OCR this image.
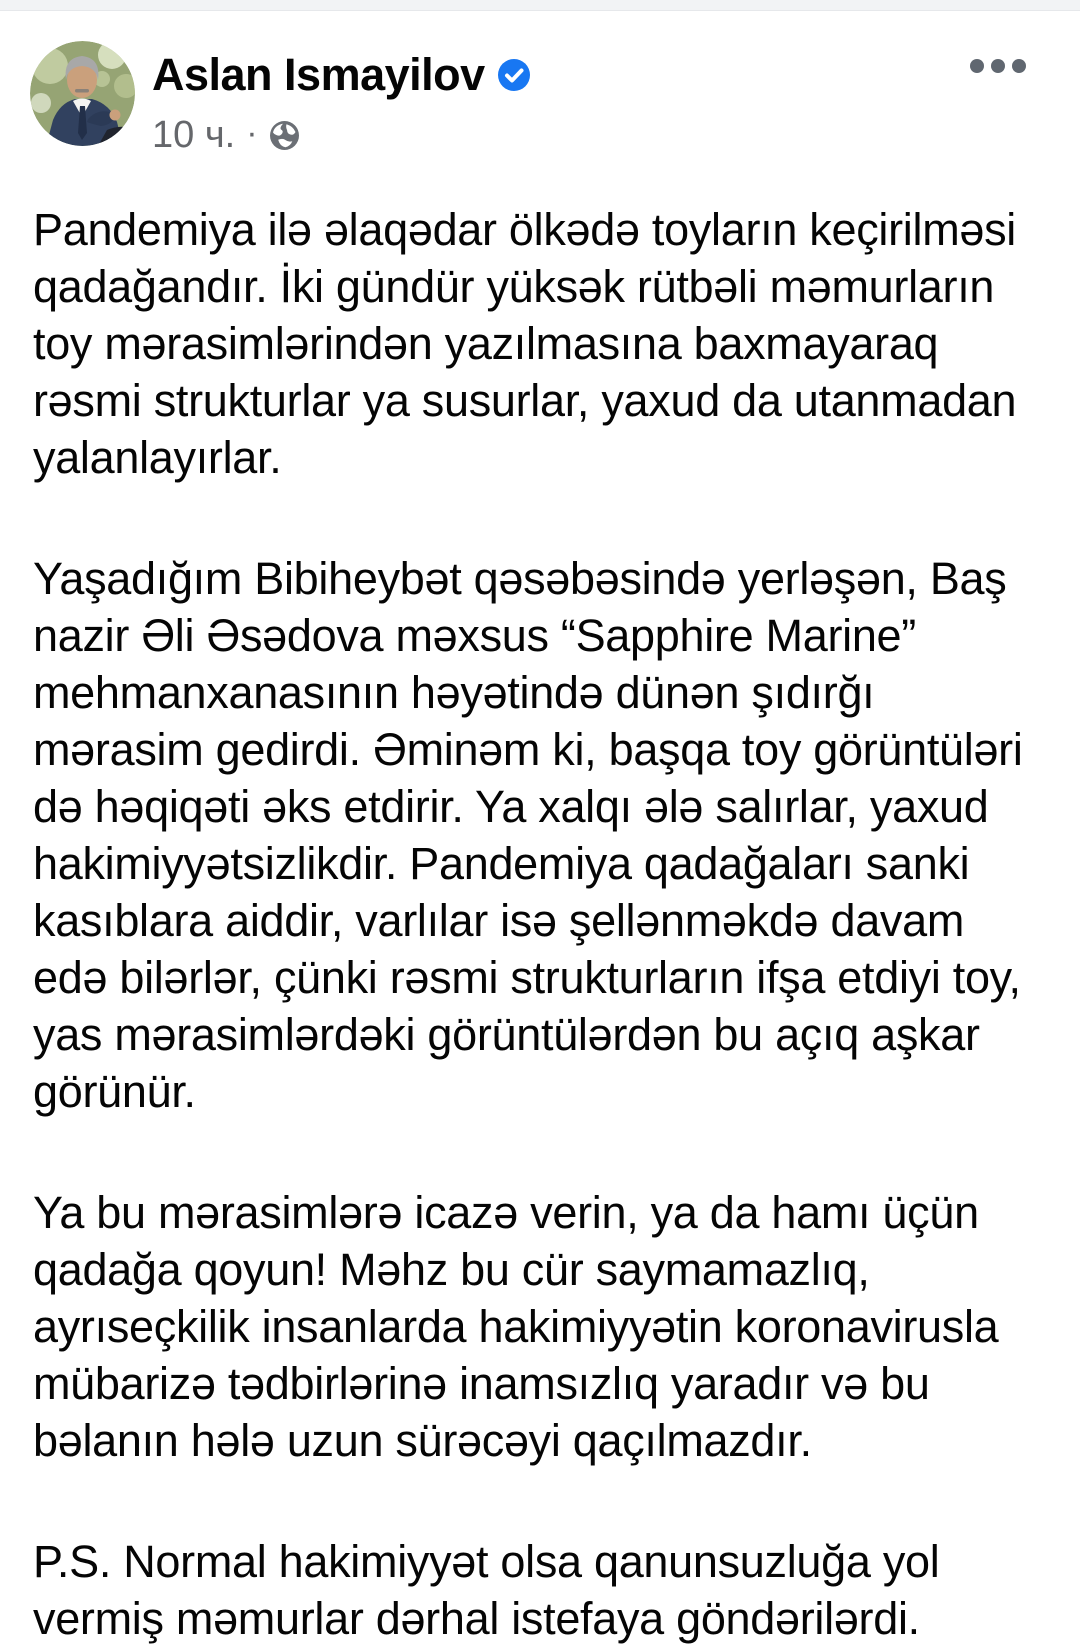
Aslan Ismayilov
10 ч. ·

Pandemiya ilə əlaqədar ölkədə toyların keçirilməsi qadağandır. İki gündür yüksək rütbəli məmurların toy mərasimlərindən yazılmasına baxmayaraq rəsmi strukturlar ya susurlar, yaxud da utanmadan yalanlayırlar.

Yaşadığım Bibiheybət qəsəbəsində yerləşən, Baş nazir Əli Əsədova məxsus “Sapphire Marine” mehmanxanasının həyətində dünən şıdırğı mərasim gedirdi. Əminəm ki, başqa toy görüntüləri də həqiqəti əks etdirir. Ya xalqı ələ salırlar, yaxud hakimiyyətsizlikdir. Pandemiya qadağaları sanki kasıblara aiddir, varlılar isə şellənməkdə davam edə bilərlər, çünki rəsmi strukturların ifşa etdiyi toy, yas mərasimlərdəki görüntülərdən bu açıq aşkar görünür.

Ya bu mərasimlərə icazə verin, ya da hamı üçün qadağa qoyun! Məhz bu cür saymamazlıq, ayrıseçkilik insanlarda hakimiyyətin koronavirusla mübarizə tədbirlərinə inamsızlıq yaradır və bu bəlanın hələ uzun sürəcəyi qaçılmazdır.

P.S. Normal hakimiyyət olsa qanunsuzluğa yol vermiş məmurlar dərhal istefaya göndərilərdi.
